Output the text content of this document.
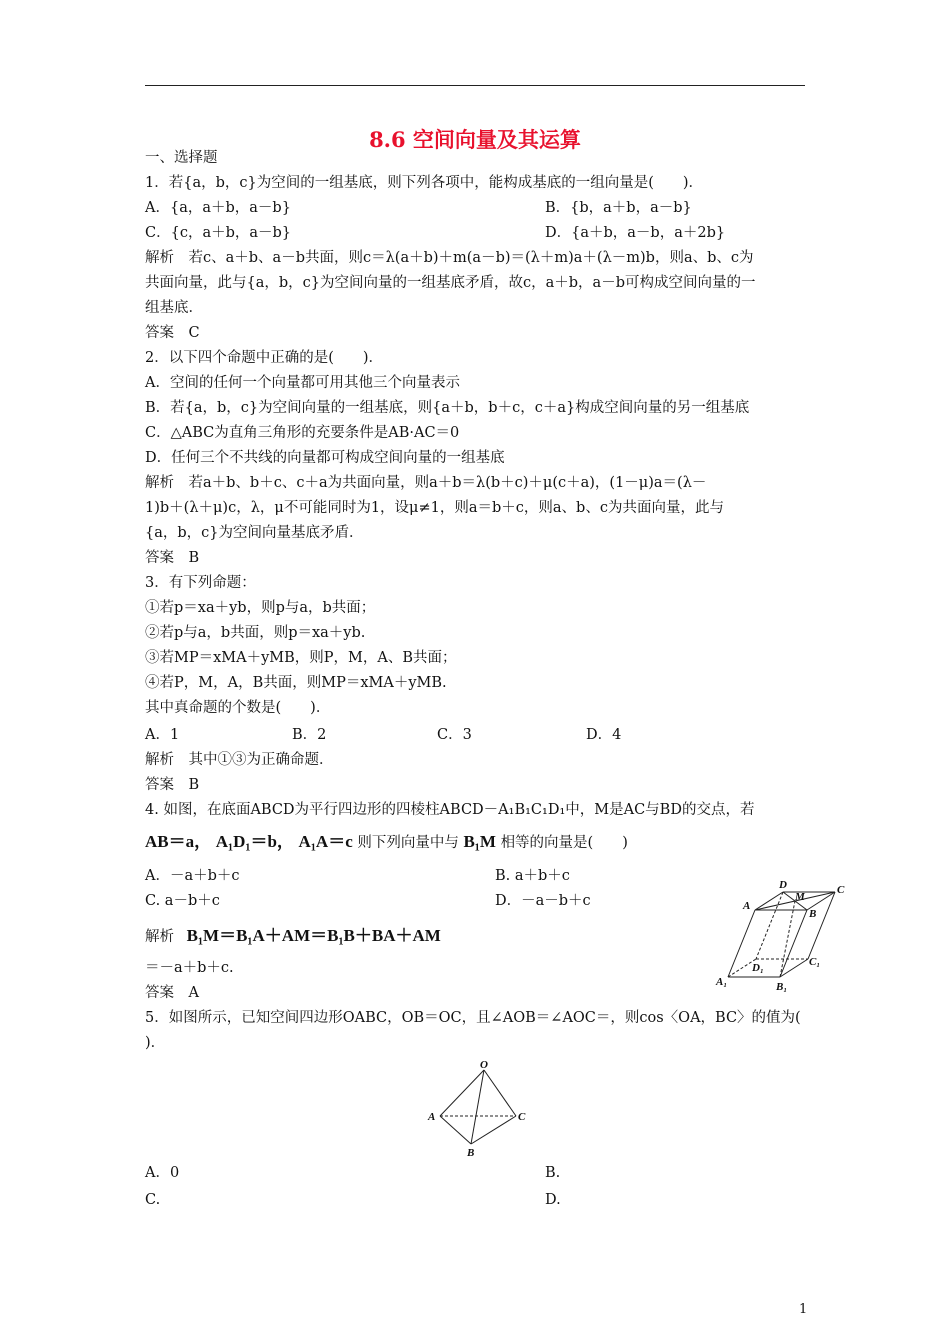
8.6 空间向量及其运算
一、选择题
1．若{a，b，c}为空间的一组基底，则下列各项中，能构成基底的一组向量是(　　)．
A．{a，a＋b，a－b}	B．{b，a＋b，a－b}
C．{c，a＋b，a－b}	D．{a＋b，a－b，a＋2b}
解析　若c、a＋b、a－b共面，则c＝λ(a＋b)＋m(a－b)＝(λ＋m)a＋(λ－m)b，则a、b、c为
共面向量，此与{a，b，c}为空间向量的一组基底矛盾，故c，a＋b，a－b可构成空间向量的一
组基底．
答案　C
2．以下四个命题中正确的是(　　)．
A．空间的任何一个向量都可用其他三个向量表示
B．若{a，b，c}为空间向量的一组基底，则{a＋b，b＋c，c＋a}构成空间向量的另一组基底
C．△ABC为直角三角形的充要条件是AB·AC＝0
D．任何三个不共线的向量都可构成空间向量的一组基底
解析　若a＋b、b＋c、c＋a为共面向量，则a＋b＝λ(b＋c)＋μ(c＋a)，(1－μ)a＝(λ－
1)b＋(λ＋μ)c，λ，μ不可能同时为1，设μ≠1，则a＝b＋c，则a、b、c为共面向量，此与
{a，b，c}为空间向量基底矛盾．
答案　B
3．有下列命题：
①若p＝xa＋yb，则p与a，b共面；
②若p与a，b共面，则p＝xa＋yb.
③若MP＝xMA＋yMB，则P，M，A、B共面；
④若P，M，A，B共面，则MP＝xMA＋yMB.
其中真命题的个数是(　　)．
A．1	B．2	C．3	D．4
解析　其中①③为正确命题．
答案　B
4. 如图，在底面ABCD为平行四边形的四棱柱ABCD－A₁B₁C₁D₁中，M是AC与BD的交点，若
AB＝a， A₁D₁＝b， A₁A＝c 则下列向量中与 B₁M 相等的向量是(　　)
A．－a＋b＋c	B. a＋b＋c
C. a－b＋c	D．－a－b＋c
解析 B₁M＝B₁A＋AM＝B₁B＋BA＋AM
＝－a＋b＋c.
答案　A
A
D
M
C
B
A₁
D₁	C₁
B₁
5．如图所示，已知空间四边形OABC，OB＝OC，且∠AOB＝∠AOC＝，则cos〈OA，BC〉的值为(
)．
O
A	C
B
A．0	B.
C.	D.
1
